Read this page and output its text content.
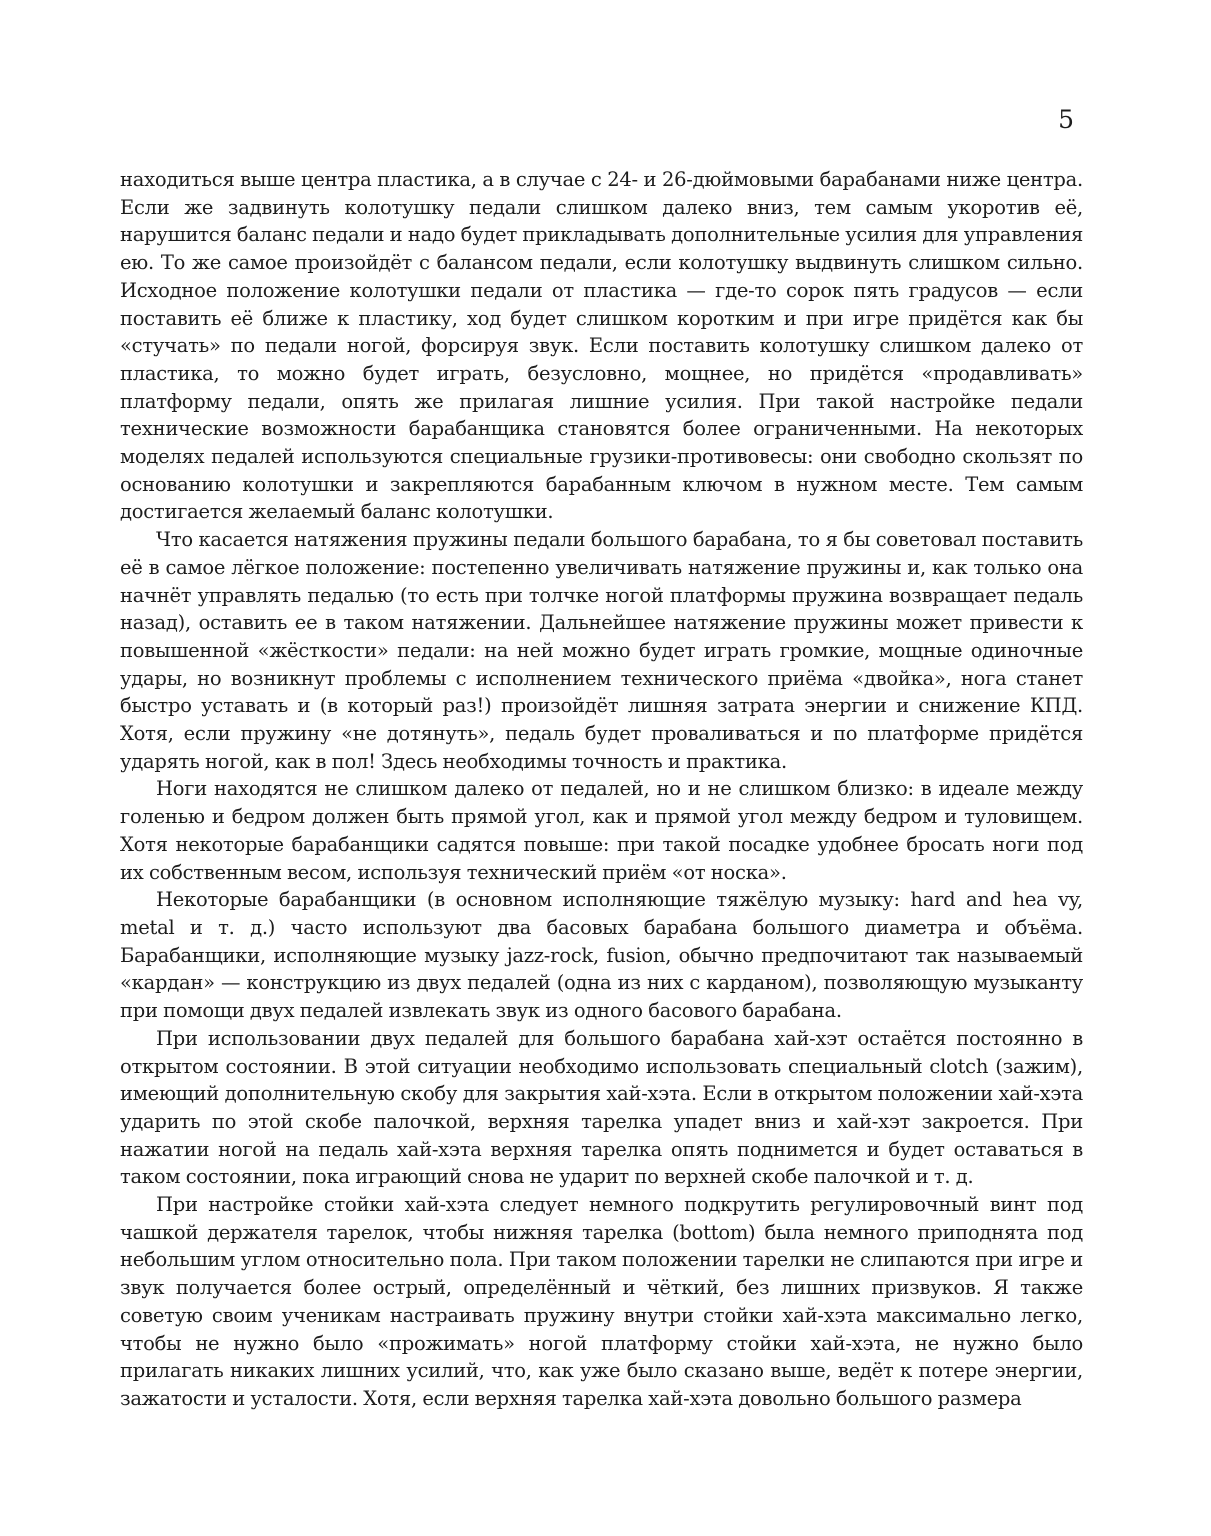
5

находиться выше центра пластика, а в случае с 24- и 26-дюймовыми барабанами ниже центра. Если же задвинуть колотушку педали слишком далеко вниз, тем самым укоротив её, нарушится баланс педали и надо будет прикладывать дополнительные усилия для управления ею. То же самое произойдёт с балансом педали, если колотушку выдвинуть слишком сильно. Исходное положение колотушки педали от пластика — где-то сорок пять градусов — если поставить её ближе к пластику, ход будет слишком коротким и при игре придётся как бы «стучать» по педали ногой, форсируя звук. Если поставить колотушку слишком далеко от пластика, то можно будет играть, безусловно, мощнее, но придётся «продавливать» платформу педали, опять же прилагая лишние усилия. При такой настройке педали технические возможности барабанщика становятся более ограниченными. На некоторых моделях педалей используются специальные грузики-противовесы: они свободно скользят по основанию колотушки и закрепляются барабанным ключом в нужном месте. Тем самым достигается желаемый баланс колотушки.

Что касается натяжения пружины педали большого барабана, то я бы советовал поставить её в самое лёгкое положение: постепенно увеличивать натяжение пружины и, как только она начнёт управлять педалью (то есть при толчке ногой платформы пружина возвращает педаль назад), оставить ее в таком натяжении. Дальнейшее натяжение пружины может привести к повышенной «жёсткости» педали: на ней можно будет играть громкие, мощные одиночные удары, но возникнут проблемы с исполнением технического приёма «двойка», нога станет быстро уставать и (в который раз!) произойдёт лишняя затрата энергии и снижение КПД. Хотя, если пружину «не дотянуть», педаль будет проваливаться и по платформе придётся ударять ногой, как в пол! Здесь необходимы точность и практика.

Ноги находятся не слишком далеко от педалей, но и не слишком близко: в идеале между голенью и бедром должен быть прямой угол, как и прямой угол между бедром и туловищем. Хотя некоторые барабанщики садятся повыше: при такой посадке удобнее бросать ноги под их собственным весом, используя технический приём «от носка».

Некоторые барабанщики (в основном исполняющие тяжёлую музыку: hard and hea vy, metal и т. д.) часто используют два басовых барабана большого диаметра и объёма. Барабанщики, исполняющие музыку jazz-rock, fusion, обычно предпочитают так называемый «кардан» — конструкцию из двух педалей (одна из них с карданом), позволяющую музыканту при помощи двух педалей извлекать звук из одного басового барабана.

При использовании двух педалей для большого барабана хай-хэт остаётся постоянно в открытом состоянии. В этой ситуации необходимо использовать специальный clotch (зажим), имеющий дополнительную скобу для закрытия хай-хэта. Если в открытом положении хай-хэта ударить по этой скобе палочкой, верхняя тарелка упадет вниз и хай-хэт закроется. При нажатии ногой на педаль хай-хэта верхняя тарелка опять поднимется и будет оставаться в таком состоянии, пока играющий снова не ударит по верхней скобе палочкой и т. д.

При настройке стойки хай-хэта следует немного подкрутить регулировочный винт под чашкой держателя тарелок, чтобы нижняя тарелка (bottom) была немного приподнята под небольшим углом относительно пола. При таком положении тарелки не слипаются при игре и звук получается более острый, определённый и чёткий, без лишних призвуков. Я также советую своим ученикам настраивать пружину внутри стойки хай-хэта максимально легко, чтобы не нужно было «прожимать» ногой платформу стойки хай-хэта, не нужно было прилагать никаких лишних усилий, что, как уже было сказано выше, ведёт к потере энергии, зажатости и усталости. Хотя, если верхняя тарелка хай-хэта довольно большого размера
